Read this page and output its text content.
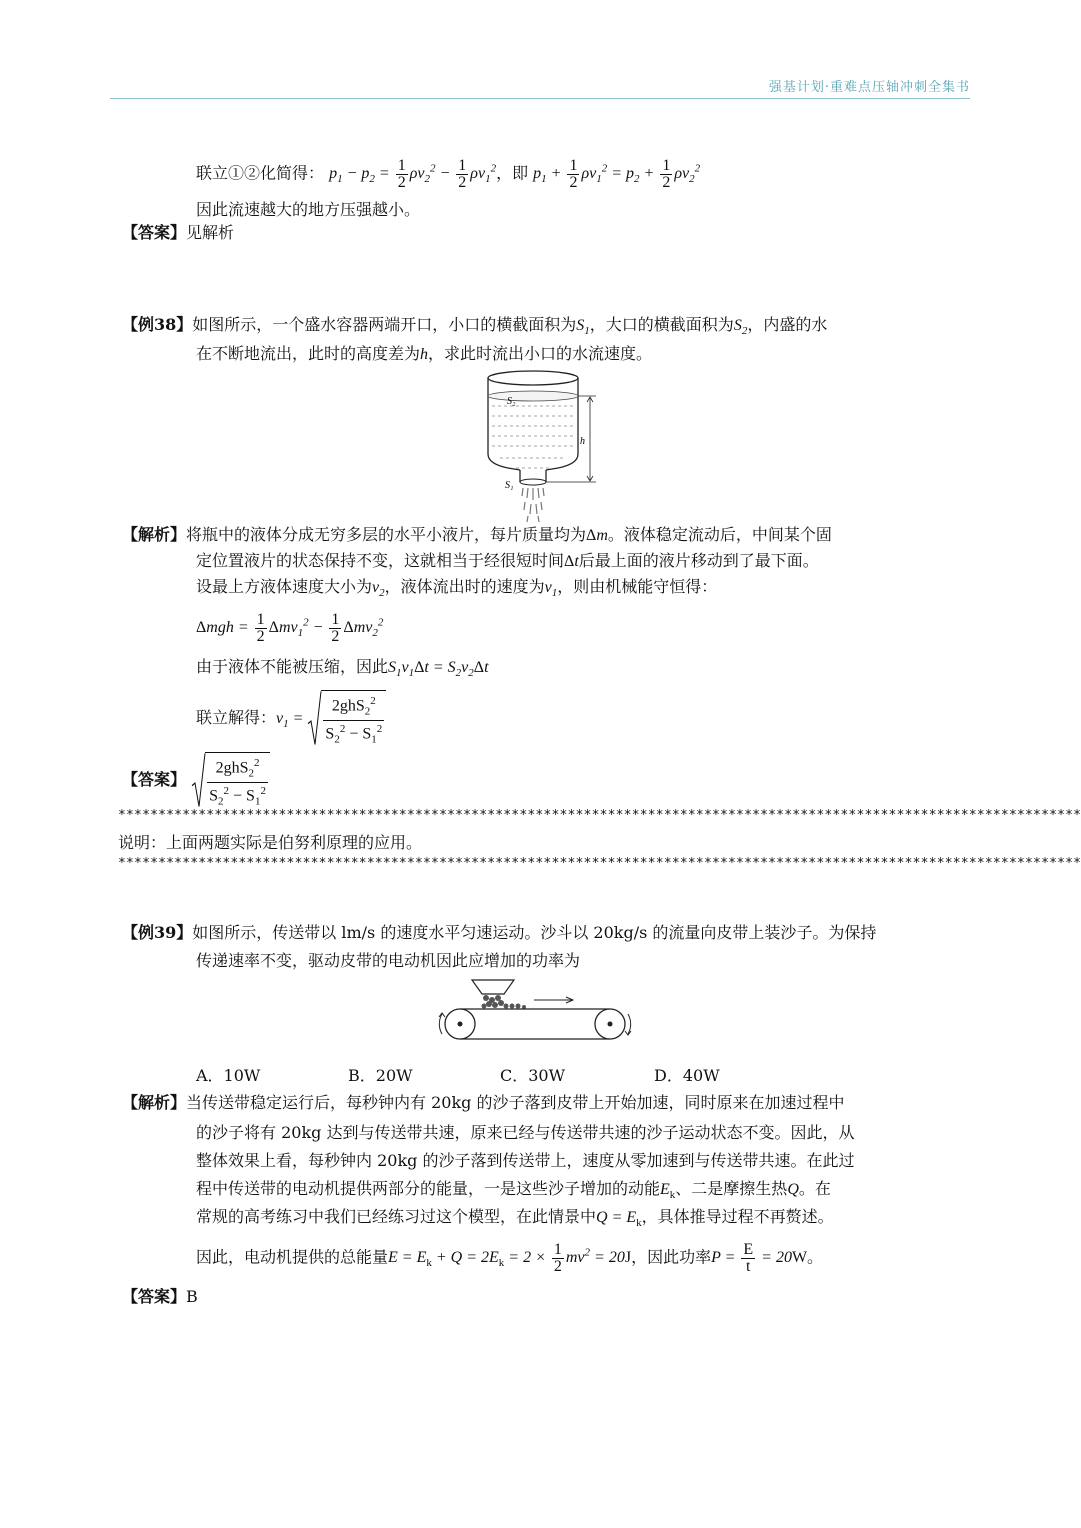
强基计划·重难点压轴冲刺全集书
联立①②化简得： $p_1 - p_2 = \frac{1}{2} \rho v_2^2 - \frac{1}{2} \rho v_1^2$，即 $p_1 + \frac{1}{2} \rho v_1^2 = p_2 + \frac{1}{2} \rho v_2^2$
因此流速越大的地方压强越小。
【答案】见解析
【例38】如图所示，一个盛水容器两端开口，小口的横截面积为$S_1$，大口的横截面积为$S_2$，内盛的水
在不断地流出，此时的高度差为h，求此时流出小口的水流速度。
S₂
h
S₁
【解析】将瓶中的液体分成无穷多层的水平小液片，每片质量均为Δm。液体稳定流动后，中间某个固
定位置液片的状态保持不变，这就相当于经很短时间Δt后最上面的液片移动到了最下面。
设最上方液体速度大小为$v_2$，液体流出时的速度为$v_1$，则由机械能守恒得：
$\Delta mgh = \frac{1}{2} \Delta mv_1^2 - \frac{1}{2} \Delta mv_2^2$
由于液体不能被压缩，因此$S_1v_1\Delta t = S_2v_2\Delta t$
联立解得：$v_1 = \frac{2ghS_2^2}{S_2^2 - S_1^2}$
【答案】 $\frac{2ghS_2^2}{S_2^2 - S_1^2}$
************************************************************************************************************************
说明：上面两题实际是伯努利原理的应用。
************************************************************************************************************************
【例39】如图所示，传送带以 lm/s 的速度水平匀速运动。沙斗以 20kg/s 的流量向皮带上装沙子。为保持
传递速率不变，驱动皮带的电动机因此应增加的功率为
A．10W	B．20W	C．30W	D．40W
【解析】当传送带稳定运行后，每秒钟内有 20kg 的沙子落到皮带上开始加速，同时原来在加速过程中
的沙子将有 20kg 达到与传送带共速，原来已经与传送带共速的沙子运动状态不变。因此，从
整体效果上看，每秒钟内 20kg 的沙子落到传送带上，速度从零加速到与传送带共速。在此过
程中传送带的电动机提供两部分的能量，一是这些沙子增加的动能$E_k$、二是摩擦生热Q。在
常规的高考练习中我们已经练习过这个模型，在此情景中$Q = E_k$，具体推导过程不再赘述。
因此，电动机提供的总能量$E = E_k + Q = 2E_k = 2 \times \frac{1}{2} mv^2 = 20J$，因此功率$P = \frac{E}{t} = 20W$。
【答案】B
